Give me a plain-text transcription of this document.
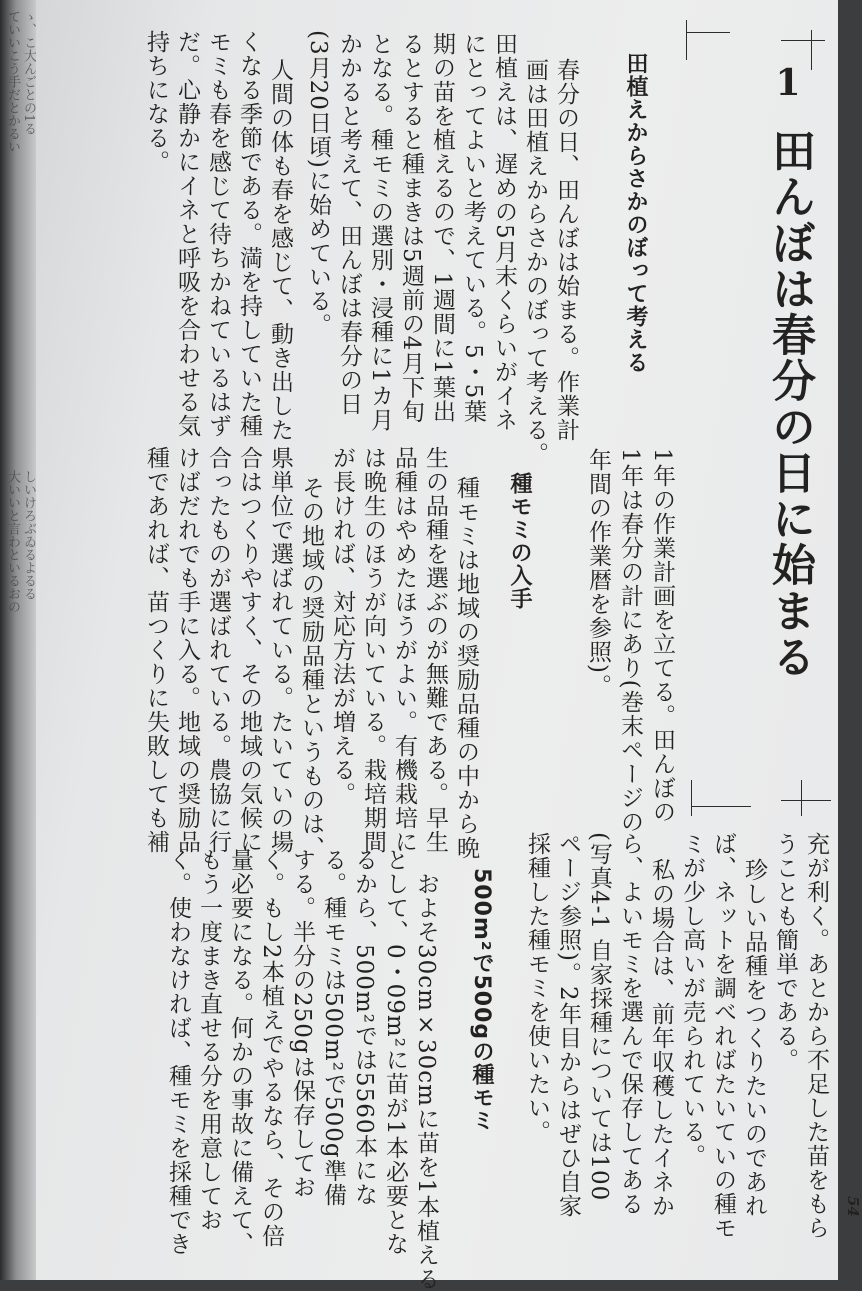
ゝ、こ大んごとの1る
ていいこう手だとかるい
しいけろぶゐるよるる
大いいと言わといるおの
1
田んぼは春分の日に始まる
田植えからさかのぼって考える
春分の日、田んぼは始まる。作業計
画は田植えからさかのぼって考える。
田植えは、遅めの5月末くらいがイネ
にとってよいと考えている。5・5葉
期の苗を植えるので、1週間に1葉出
るとすると種まきは5週前の4月下旬
となる。種モミの選別・浸種に1カ月
かかると考えて、田んぼは春分の日
(3月20日頃)に始めている。
人間の体も春を感じて、動き出した
くなる季節である。満を持していた種
モミも春を感じて待ちかねているはず
だ。心静かにイネと呼吸を合わせる気
持ちになる。
1年の作業計画を立てる。田んぼの
1年は春分の計にあり(巻末ページの
年間の作業暦を参照)。
種モミの入手
種モミは地域の奨励品種の中から晩
生の品種を選ぶのが無難である。早生
品種はやめたほうがよい。有機栽培に
は晩生のほうが向いている。栽培期間
が長ければ、対応方法が増える。
その地域の奨励品種というものは、
県単位で選ばれている。たいていの場
合はつくりやすく、その地域の気候に
合ったものが選ばれている。農協に行
けばだれでも手に入る。地域の奨励品
種であれば、苗つくりに失敗しても補
充が利く。あとから不足した苗をもら
うことも簡単である。
珍しい品種をつくりたいのであれ
ば、ネットを調べればたいていの種モ
ミが少し高いが売られている。
私の場合は、前年収穫したイネか
ら、よいモミを選んで保存してある
(写真4-1 自家採種については100
ページ参照)。2年目からはぜひ自家
採種した種モミを使いたい。
500m²で500gの種モミ
およそ30cm×30cmに苗を1本植える
として、0・09m²に苗が1本必要とな
るから、500m²では5560本にな
る。種モミは500m²で500g準備
する。半分の250gは保存してお
く。もし2本植えでやるなら、その倍
量必要になる。何かの事故に備えて、
もう一度まき直せる分を用意してお
く。使わなければ、種モミを採種でき	54
